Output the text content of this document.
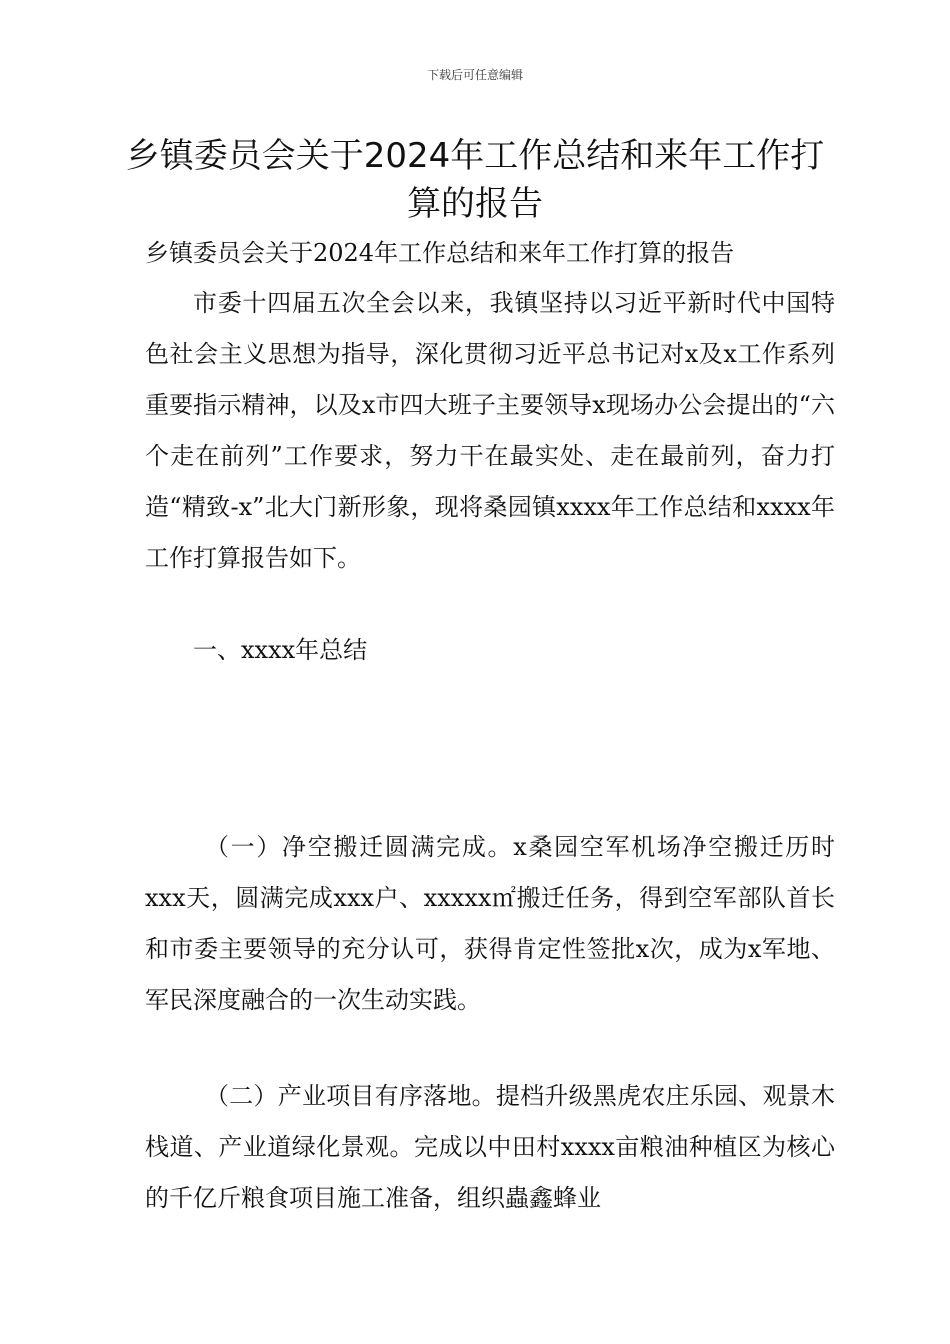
下载后可任意编辑
乡镇委员会关于2024年工作总结和来年工作打算的报告

乡镇委员会关于2024年工作总结和来年工作打算的报告

市委十四届五次全会以来，我镇坚持以习近平新时代中国特色社会主义思想为指导，深化贯彻习近平总书记对x及x工作系列重要指示精神，以及x市四大班子主要领导x现场办公会提出的“六个走在前列”工作要求，努力干在最实处、走在最前列，奋力打造“精致-x”北大门新形象，现将桑园镇xxxx年工作总结和xxxx年工作打算报告如下。

一、xxxx年总结

（一）净空搬迁圆满完成。x桑园空军机场净空搬迁历时xxx天，圆满完成xxx户、xxxxx㎡搬迁任务，得到空军部队首长和市委主要领导的充分认可，获得肯定性签批x次，成为x军地、军民深度融合的一次生动实践。

（二）产业项目有序落地。提档升级黑虎农庄乐园、观景木栈道、产业道绿化景观。完成以中田村xxxx亩粮油种植区为核心的千亿斤粮食项目施工准备，组织蟲鑫蜂业
